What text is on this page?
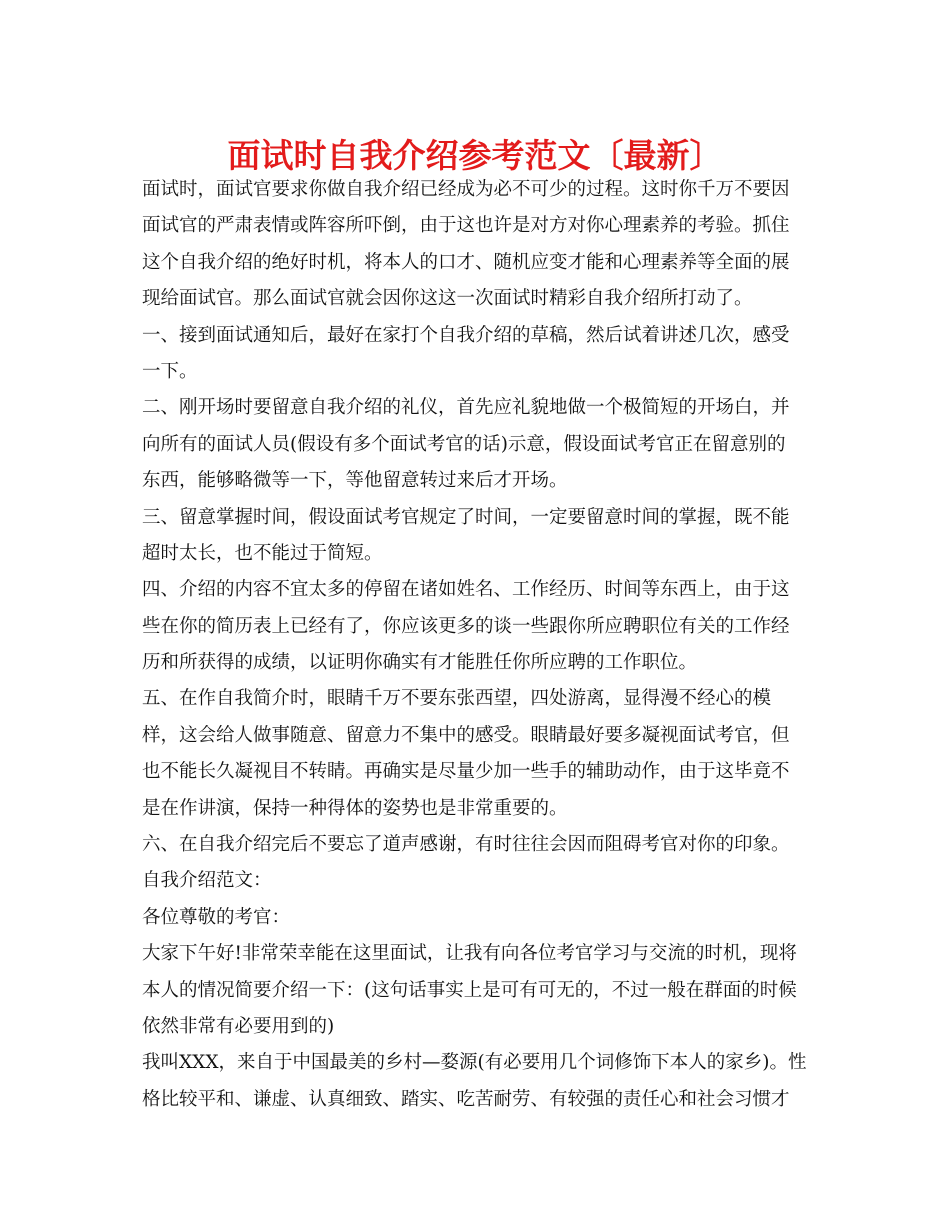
面试时自我介绍参考范文〔最新〕

面试时，面试官要求你做自我介绍已经成为必不可少的过程。这时你千万不要因

面试官的严肃表情或阵容所吓倒，由于这也许是对方对你心理素养的考验。抓住

这个自我介绍的绝好时机，将本人的口才、随机应变才能和心理素养等全面的展

现给面试官。那么面试官就会因你这这一次面试时精彩自我介绍所打动了。

一、接到面试通知后，最好在家打个自我介绍的草稿，然后试着讲述几次，感受

一下。

二、刚开场时要留意自我介绍的礼仪，首先应礼貌地做一个极简短的开场白，并

向所有的面试人员(假设有多个面试考官的话)示意，假设面试考官正在留意别的

东西，能够略微等一下，等他留意转过来后才开场。

三、留意掌握时间，假设面试考官规定了时间，一定要留意时间的掌握，既不能

超时太长，也不能过于简短。

四、介绍的内容不宜太多的停留在诸如姓名、工作经历、时间等东西上，由于这

些在你的简历表上已经有了，你应该更多的谈一些跟你所应聘职位有关的工作经

历和所获得的成绩，以证明你确实有才能胜任你所应聘的工作职位。

五、在作自我简介时，眼睛千万不要东张西望，四处游离，显得漫不经心的模

样，这会给人做事随意、留意力不集中的感受。眼睛最好要多凝视面试考官，但

也不能长久凝视目不转睛。再确实是尽量少加一些手的辅助动作，由于这毕竟不

是在作讲演，保持一种得体的姿势也是非常重要的。

六、在自我介绍完后不要忘了道声感谢，有时往往会因而阻碍考官对你的印象。

自我介绍范文：

各位尊敬的考官：

大家下午好!非常荣幸能在这里面试，让我有向各位考官学习与交流的时机，现将

本人的情况简要介绍一下：(这句话事实上是可有可无的，不过一般在群面的时候

依然非常有必要用到的)

我叫XXX，来自于中国最美的乡村—婺源(有必要用几个词修饰下本人的家乡)。性

格比较平和、谦虚、认真细致、踏实、吃苦耐劳、有较强的责任心和社会习惯才
